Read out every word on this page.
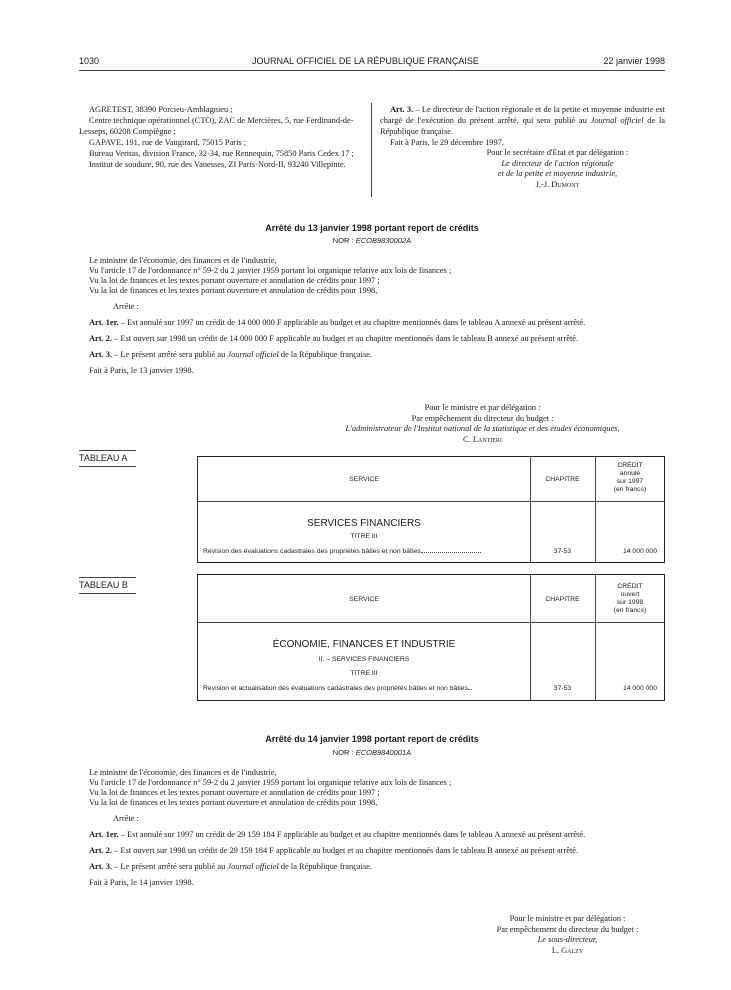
1030	JOURNAL OFFICIEL DE LA RÉPUBLIQUE FRANÇAISE	22 janvier 1998

AGRETEST, 38390 Porcieu-Amblagnieu ;

Centre technique opérationnel (CTO), ZAC de Mercières, 5, rue Ferdinand-de-Lesseps, 60208 Compiègne ;

GAPAVE, 191, rue de Vaugirard, 75015 Paris ;

Bureau Veritas, division France, 32-34, rue Rennequin, 75850 Paris Cedex 17 ;

Institut de soudure, 90, rue des Vanesses, ZI Paris-Nord-II, 93240 Villepinte.

Art. 3. – Le directeur de l'action régionale et de la petite et moyenne industrie est chargé de l'exécution du présent arrêté, qui sera publié au Journal officiel de la République française.

Fait à Paris, le 29 décembre 1997.

Pour le secrétaire d'Etat et par délégation :
Le directeur de l'action régionale
et de la petite et moyenne industrie,
J.-J. Dumont
Arrêté du 13 janvier 1998 portant report de crédits
NOR : ECOB9830002A

Le ministre de l'économie, des finances et de l'industrie,

Vu l'article 17 de l'ordonnance n° 59-2 du 2 janvier 1959 portant loi organique relative aux lois de finances ;

Vu la loi de finances et les textes portant ouverture et annulation de crédits pour 1997 ;

Vu la loi de finances et les textes portant ouverture et annulation de crédits pour 1998,

Arrête :

Art. 1er. – Est annulé sur 1997 un crédit de 14 000 000 F applicable au budget et au chapitre mentionnés dans le tableau A annexé au présent arrêté.

Art. 2. – Est ouvert sur 1998 un crédit de 14 000 000 F applicable au budget et au chapitre mentionnés dans le tableau B annexé au présent arrêté.

Art. 3. – Le présent arrêté sera publié au Journal officiel de la République française.

Fait à Paris, le 13 janvier 1998.

Pour le ministre et par délégation :
Par empêchement du directeur du budget :
L'administrateur de l'Institut national de la statistique et des études économiques,
C. Lantieri
TABLEAU A
SERVICE	CHAPITRE
CRÉDIT
annulé
sur 1997
(en francs)
SERVICES FINANCIERS
TITRE III
Révision des évaluations cadastrales des propriétés bâties et non bâties	37-53	14 000 000
TABLEAU B
SERVICE	CHAPITRE
CRÉDIT
ouvert
sur 1998
(en francs)
ÉCONOMIE, FINANCES ET INDUSTRIE
II. – SERVICES FINANCIERS
TITRE III
Révision et actualisation des évaluations cadastrales des propriétés bâties et non bâties	37-53	14 000 000
Arrêté du 14 janvier 1998 portant report de crédits
NOR : ECOB9840001A

Le ministre de l'économie, des finances et de l'industrie,

Vu l'article 17 de l'ordonnance n° 59-2 du 2 janvier 1959 portant loi organique relative aux lois de finances ;

Vu la loi de finances et les textes portant ouverture et annulation de crédits pour 1997 ;

Vu la loi de finances et les textes portant ouverture et annulation de crédits pour 1998,

Arrête :

Art. 1er. – Est annulé sur 1997 un crédit de 29 159 184 F applicable au budget et au chapitre mentionnés dans le tableau A annexé au présent arrêté.

Art. 2. – Est ouvert sur 1998 un crédit de 29 159 184 F applicable au budget et au chapitre mentionnés dans le tableau B annexé au présent arrêté.

Art. 3. – Le présent arrêté sera publié au Journal officiel de la République française.

Fait à Paris, le 14 janvier 1998.

Pour le ministre et par délégation :
Par empêchement du directeur du budget :
Le sous-directeur,
L. Galzy
